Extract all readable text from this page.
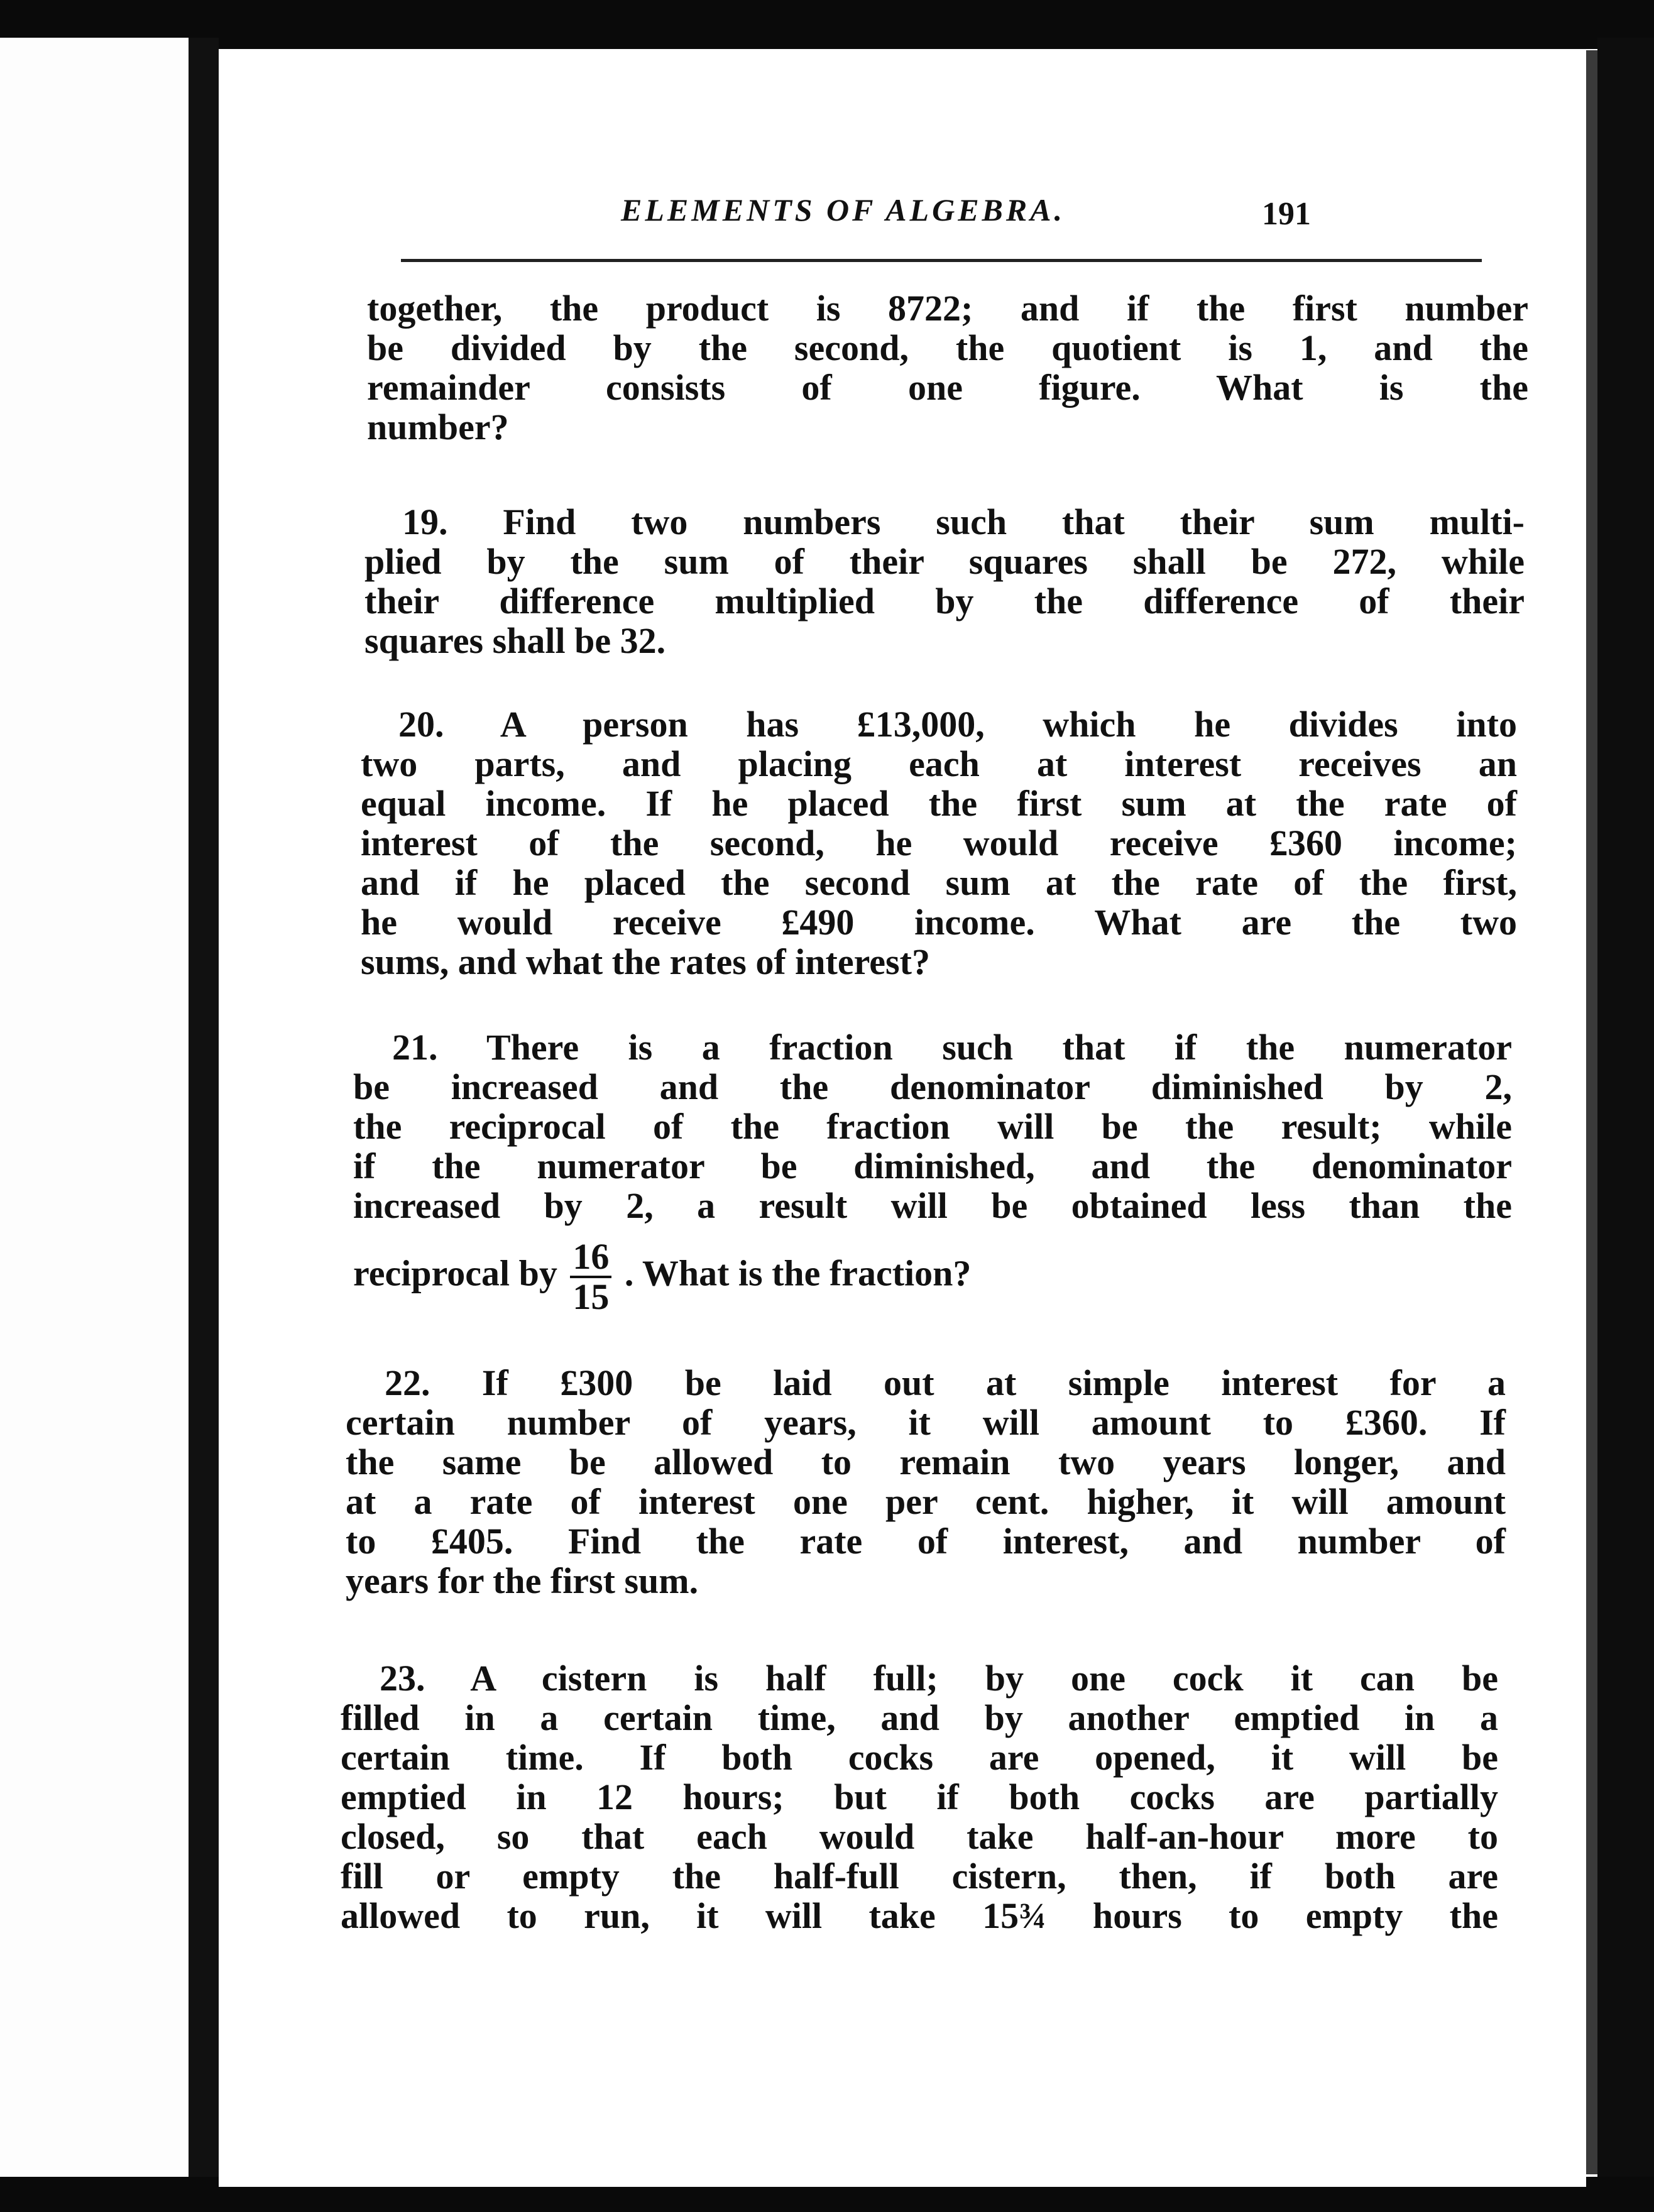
ELEMENTS OF ALGEBRA.	191
together, the product is 8722; and if the first number
be divided by the second, the quotient is 1, and the
remainder consists of one figure. What is the
number?
19. Find two numbers such that their sum multi-
plied by the sum of their squares shall be 272, while
their difference multiplied by the difference of their
squares shall be 32.
20. A person has £13,000, which he divides into
two parts, and placing each at interest receives an
equal income. If he placed the first sum at the rate of
interest of the second, he would receive £360 income;
and if he placed the second sum at the rate of the first,
he would receive £490 income. What are the two
sums, and what the rates of interest?
21. There is a fraction such that if the numerator
be increased and the denominator diminished by 2,
the reciprocal of the fraction will be the result; while
if the numerator be diminished, and the denominator
increased by 2, a result will be obtained less than the
reciprocal by $\frac{16}{15}$ . What is the fraction?
22. If £300 be laid out at simple interest for a
certain number of years, it will amount to £360. If
the same be allowed to remain two years longer, and
at a rate of interest one per cent. higher, it will amount
to £405. Find the rate of interest, and number of
years for the first sum.
23. A cistern is half full; by one cock it can be
filled in a certain time, and by another emptied in a
certain time. If both cocks are opened, it will be
emptied in 12 hours; but if both cocks are partially
closed, so that each would take half-an-hour more to
fill or empty the half-full cistern, then, if both are
allowed to run, it will take 15¾ hours to empty the
